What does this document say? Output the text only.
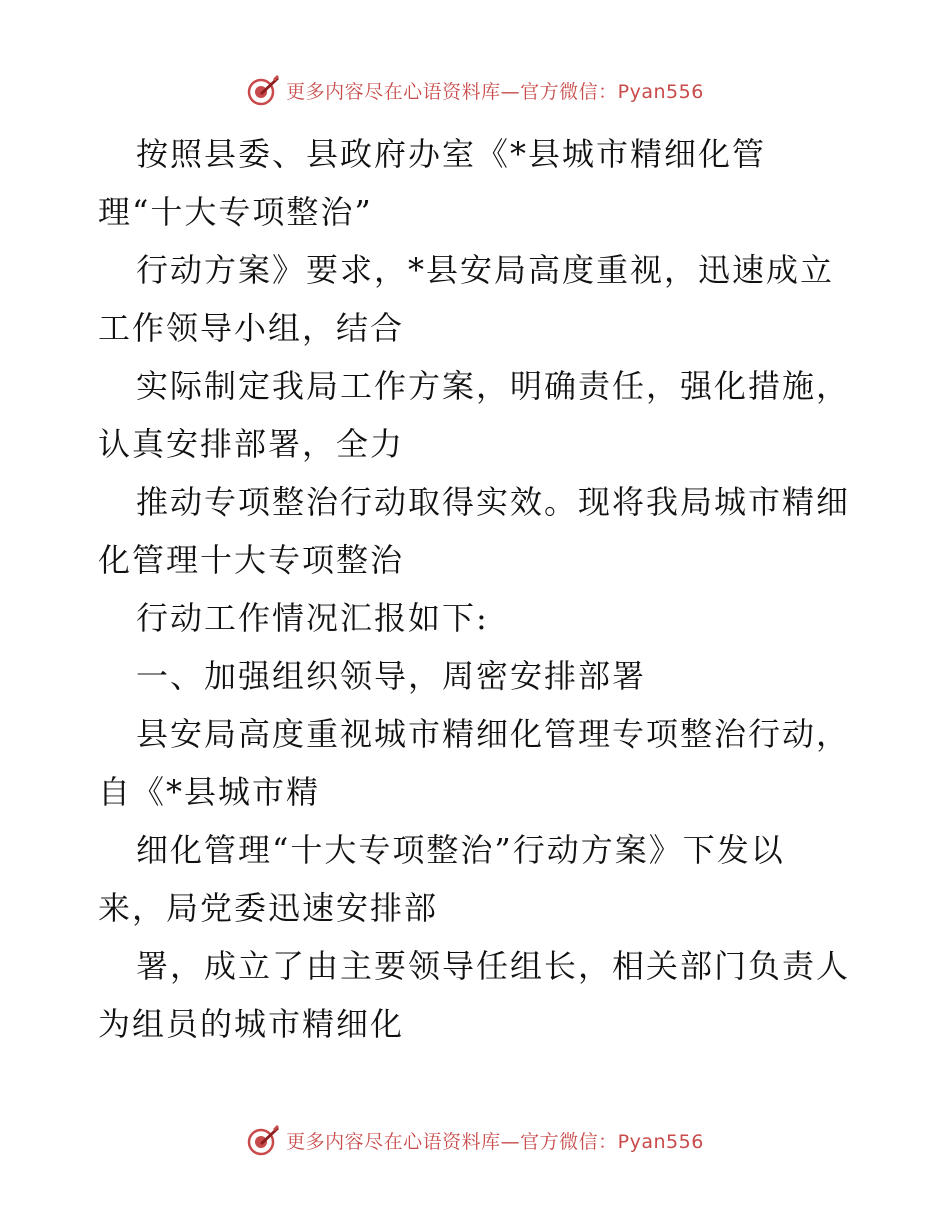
更多内容尽在心语资料库—官方微信：Pyan556
按照县委、县政府办室《*县城市精细化管
理“十大专项整治”
行动方案》要求，*县安局高度重视，迅速成立
工作领导小组，结合
实际制定我局工作方案，明确责任，强化措施，
认真安排部署，全力
推动专项整治行动取得实效。现将我局城市精细
化管理十大专项整治
行动工作情况汇报如下:
一、加强组织领导，周密安排部署
县安局高度重视城市精细化管理专项整治行动，
自《*县城市精
细化管理“十大专项整治”行动方案》下发以
来，局党委迅速安排部
署，成立了由主要领导任组长，相关部门负责人
为组员的城市精细化
更多内容尽在心语资料库—官方微信：Pyan556
